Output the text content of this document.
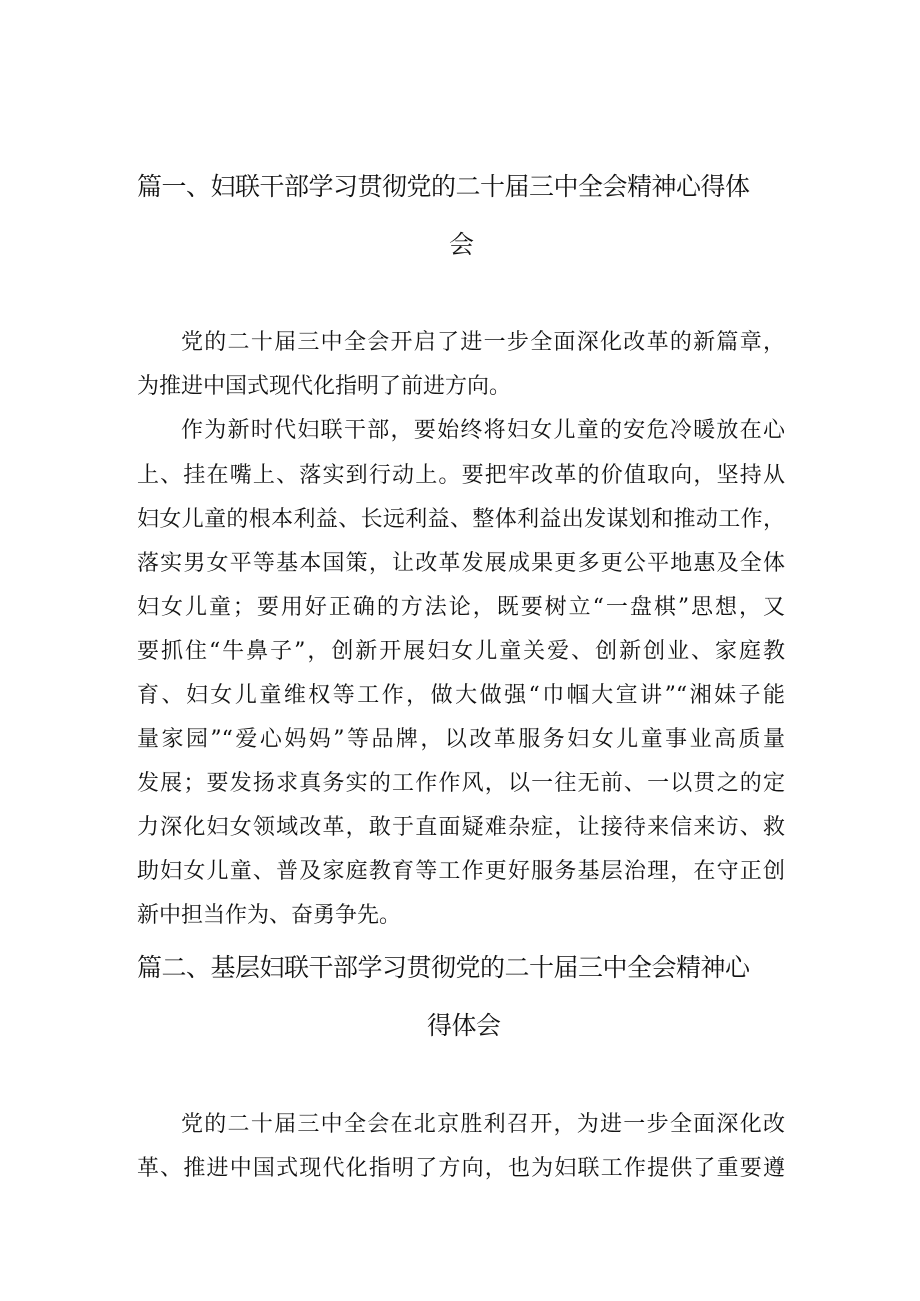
篇一、妇联干部学习贯彻党的二十届三中全会精神心得体
会
党的二十届三中全会开启了进一步全面深化改革的新篇章，
为推进中国式现代化指明了前进方向。
作为新时代妇联干部，要始终将妇女儿童的安危冷暖放在心
上、挂在嘴上、落实到行动上。要把牢改革的价值取向，坚持从
妇女儿童的根本利益、长远利益、整体利益出发谋划和推动工作，
落实男女平等基本国策，让改革发展成果更多更公平地惠及全体
妇女儿童；要用好正确的方法论，既要树立“一盘棋”思想，又
要抓住“牛鼻子”，创新开展妇女儿童关爱、创新创业、家庭教
育、妇女儿童维权等工作，做大做强“巾帼大宣讲”“湘妹子能
量家园”“爱心妈妈”等品牌，以改革服务妇女儿童事业高质量
发展；要发扬求真务实的工作作风，以一往无前、一以贯之的定
力深化妇女领域改革，敢于直面疑难杂症，让接待来信来访、救
助妇女儿童、普及家庭教育等工作更好服务基层治理，在守正创
新中担当作为、奋勇争先。
篇二、基层妇联干部学习贯彻党的二十届三中全会精神心
得体会
党的二十届三中全会在北京胜利召开，为进一步全面深化改
革、推进中国式现代化指明了方向，也为妇联工作提供了重要遵
